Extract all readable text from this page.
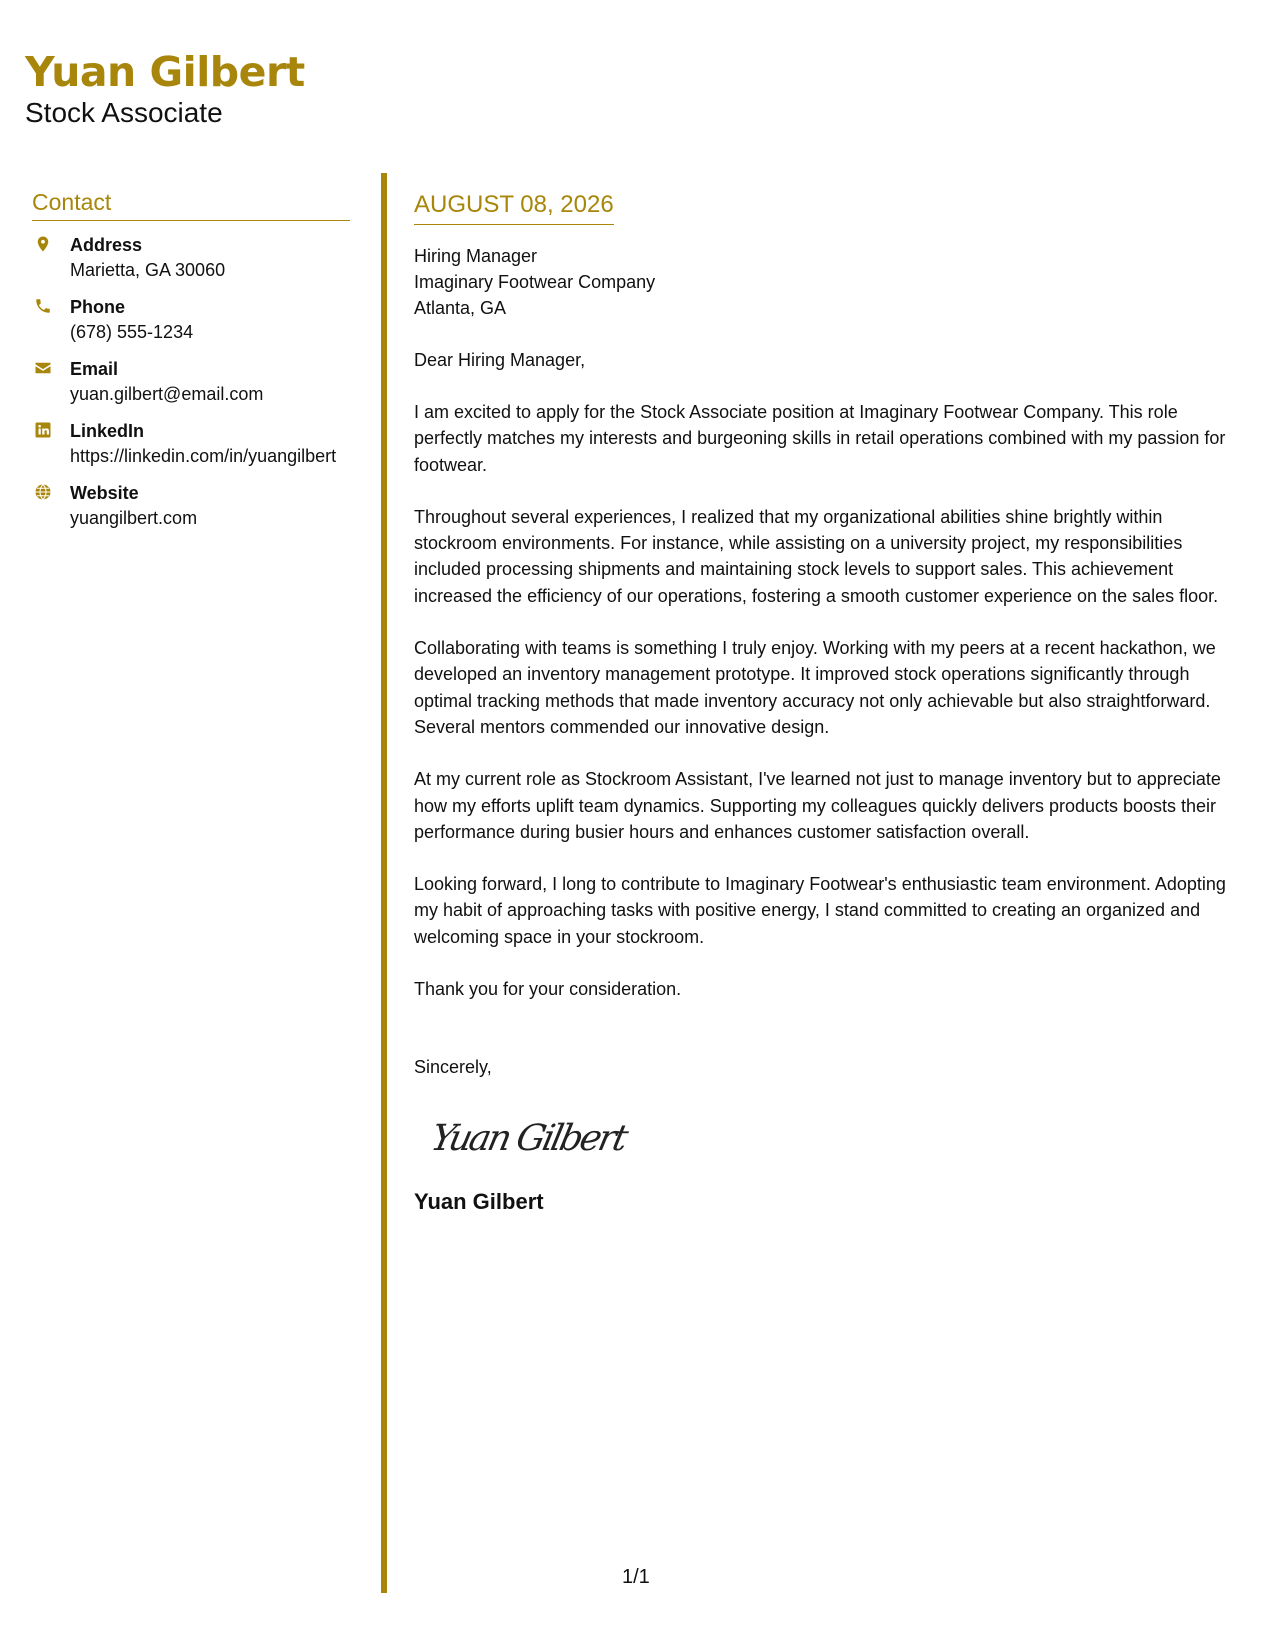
Yuan Gilbert
Stock Associate
Contact
Address
Marietta, GA 30060
Phone
(678) 555-1234
Email
yuan.gilbert@email.com
LinkedIn
https://linkedin.com/in/yuangilbert
Website
yuangilbert.com
AUGUST 08, 2026
Hiring Manager
Imaginary Footwear Company
Atlanta, GA
Dear Hiring Manager,
I am excited to apply for the Stock Associate position at Imaginary Footwear Company. This role perfectly matches my interests and burgeoning skills in retail operations combined with my passion for footwear.
Throughout several experiences, I realized that my organizational abilities shine brightly within stockroom environments. For instance, while assisting on a university project, my responsibilities included processing shipments and maintaining stock levels to support sales. This achievement increased the efficiency of our operations, fostering a smooth customer experience on the sales floor.
Collaborating with teams is something I truly enjoy. Working with my peers at a recent hackathon, we developed an inventory management prototype. It improved stock operations significantly through optimal tracking methods that made inventory accuracy not only achievable but also straightforward. Several mentors commended our innovative design.
At my current role as Stockroom Assistant, I've learned not just to manage inventory but to appreciate how my efforts uplift team dynamics. Supporting my colleagues quickly delivers products boosts their performance during busier hours and enhances customer satisfaction overall.
Looking forward, I long to contribute to Imaginary Footwear's enthusiastic team environment. Adopting my habit of approaching tasks with positive energy, I stand committed to creating an organized and welcoming space in your stockroom.
Thank you for your consideration.
Sincerely,
Yuan Gilbert
Yuan Gilbert
1/1
